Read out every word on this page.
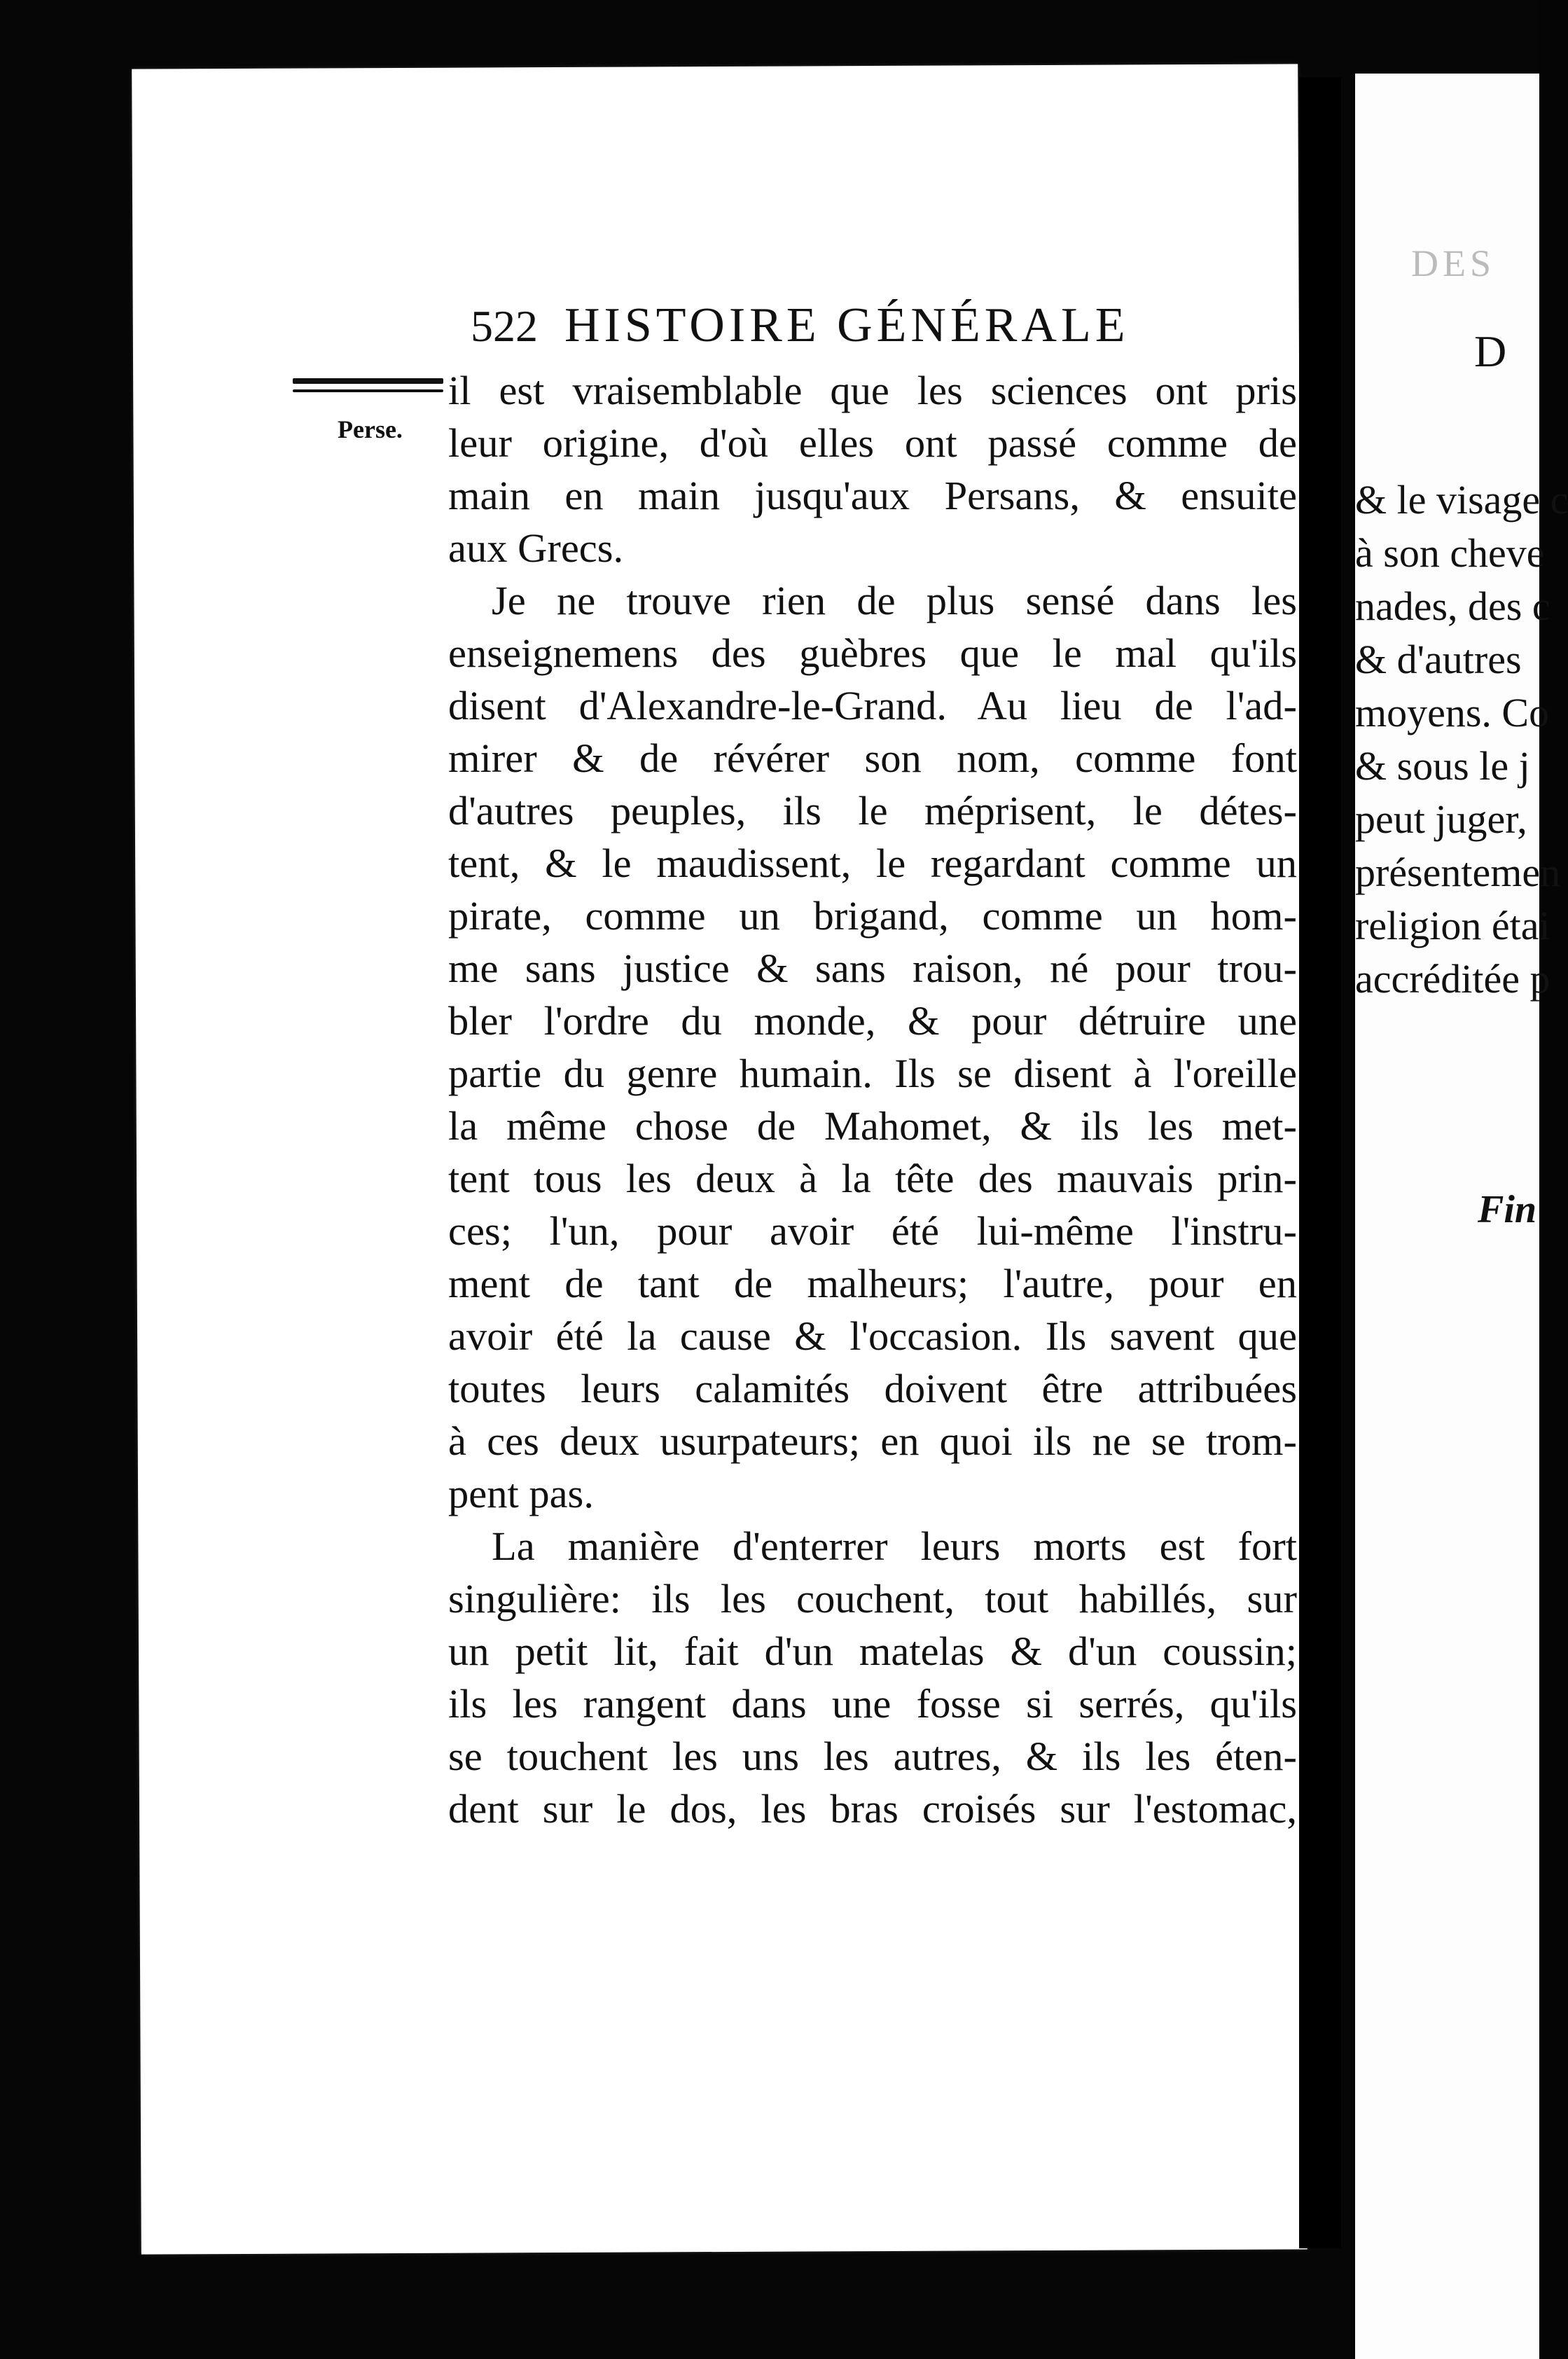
DES
D
& le visage c
à son cheve
nades, des c
& d'autres
moyens. Co
& sous le j
peut juger,
présentemen
religion étai
accréditée p
Fin
522 HISTOIRE GÉNÉRALE
Perse.
il est vraisemblable que les sciences ont pris
leur origine, d'où elles ont passé comme de
main en main jusqu'aux Persans, & ensuite
aux Grecs.
Je ne trouve rien de plus sensé dans les
enseignemens des guèbres que le mal qu'ils
disent d'Alexandre-le-Grand. Au lieu de l'ad-
mirer & de révérer son nom, comme font
d'autres peuples, ils le méprisent, le détes-
tent, & le maudissent, le regardant comme un
pirate, comme un brigand, comme un hom-
me sans justice & sans raison, né pour trou-
bler l'ordre du monde, & pour détruire une
partie du genre humain. Ils se disent à l'oreille
la même chose de Mahomet, & ils les met-
tent tous les deux à la tête des mauvais prin-
ces; l'un, pour avoir été lui-même l'instru-
ment de tant de malheurs; l'autre, pour en
avoir été la cause & l'occasion. Ils savent que
toutes leurs calamités doivent être attribuées
à ces deux usurpateurs; en quoi ils ne se trom-
pent pas.
La manière d'enterrer leurs morts est fort
singulière: ils les couchent, tout habillés, sur
un petit lit, fait d'un matelas & d'un coussin;
ils les rangent dans une fosse si serrés, qu'ils
se touchent les uns les autres, & ils les éten-
dent sur le dos, les bras croisés sur l'estomac,
